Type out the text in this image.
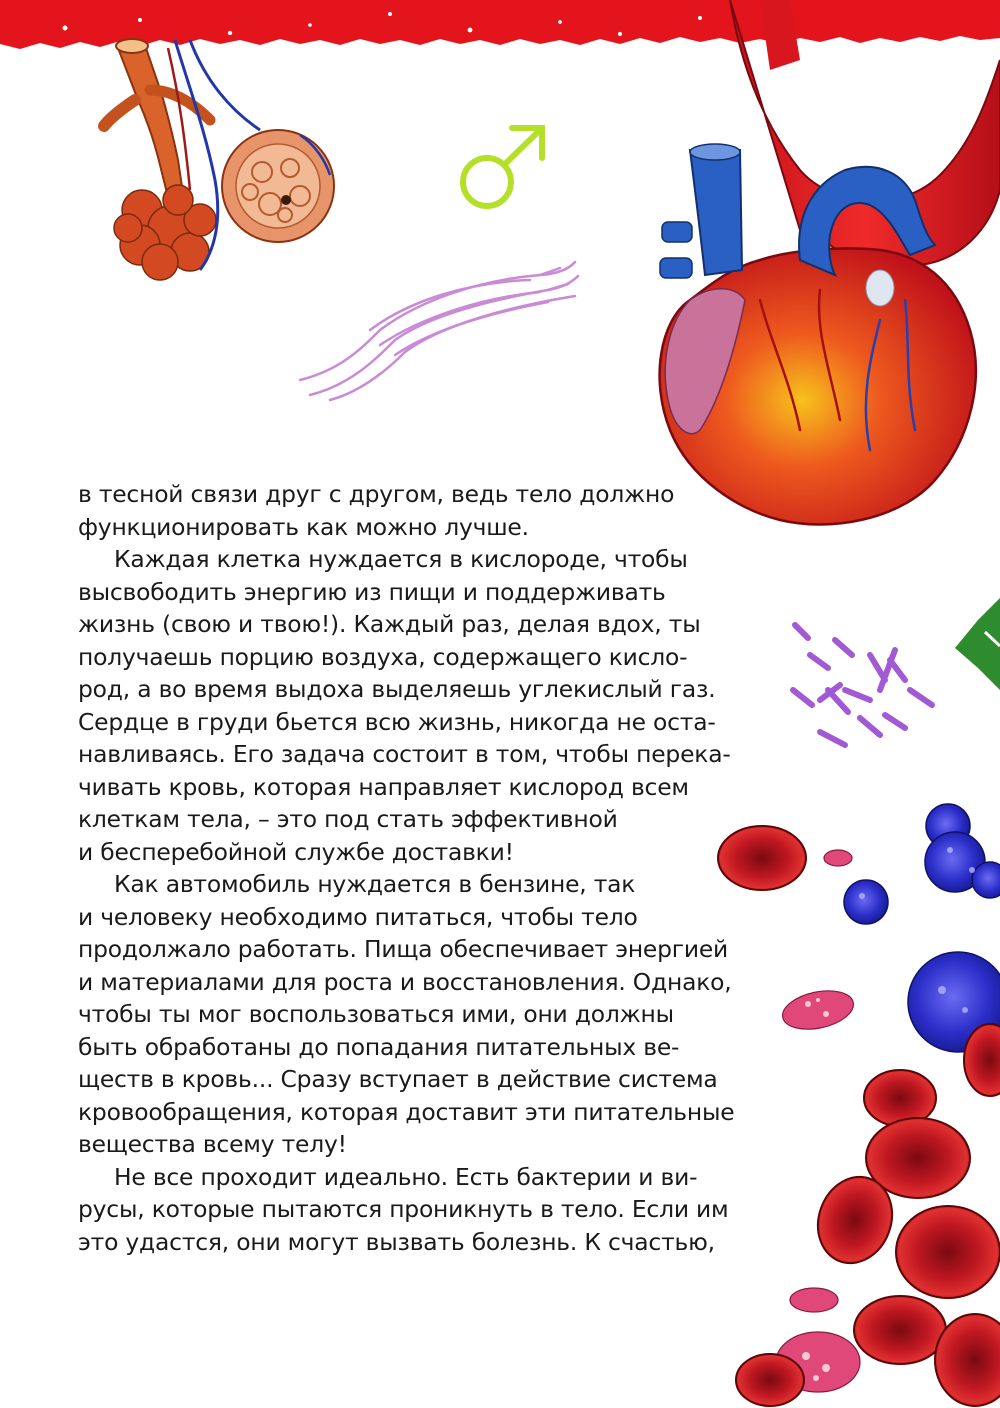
в тесной связи друг с другом, ведь тело должно
функционировать как можно лучше.
Каждая клетка нуждается в кислороде, чтобы
высвободить энергию из пищи и поддерживать
жизнь (свою и твою!). Каждый раз, делая вдох, ты
получаешь порцию воздуха, содержащего кисло-
род, а во время выдоха выделяешь углекислый газ.
Сердце в груди бьется всю жизнь, никогда не оста-
навливаясь. Его задача состоит в том, чтобы перека-
чивать кровь, которая направляет кислород всем
клеткам тела, – это под стать эффективной
и бесперебойной службе доставки!
Как автомобиль нуждается в бензине, так
и человеку необходимо питаться, чтобы тело
продолжало работать. Пища обеспечивает энергией
и материалами для роста и восстановления. Однако,
чтобы ты мог воспользоваться ими, они должны
быть обработаны до попадания питательных ве-
ществ в кровь... Сразу вступает в действие система
кровообращения, которая доставит эти питательные
вещества всему телу!
Не все проходит идеально. Есть бактерии и ви-
русы, которые пытаются проникнуть в тело. Если им
это удастся, они могут вызвать болезнь. К счастью,
